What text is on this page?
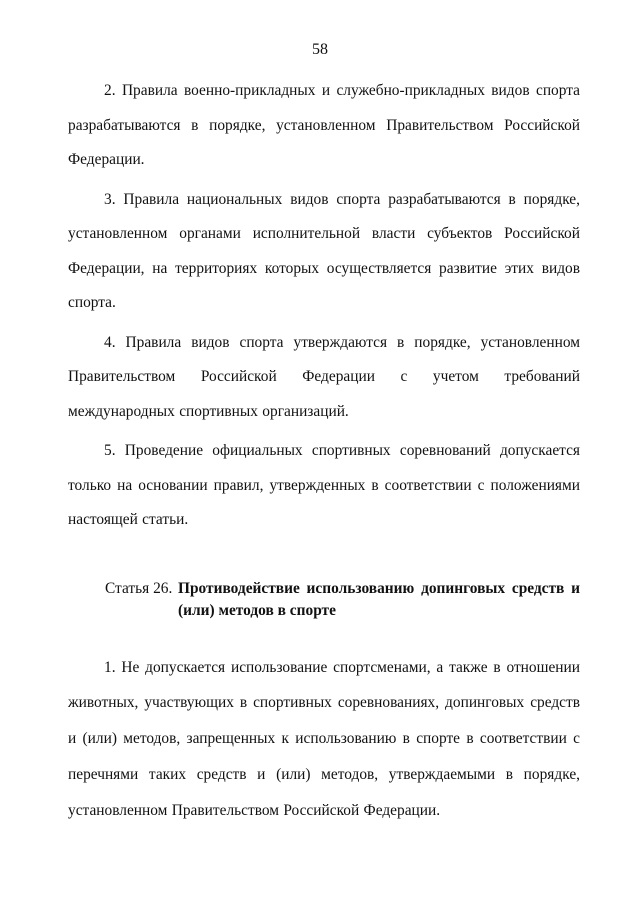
58

2. Правила военно-прикладных и служебно-прикладных видов спорта разрабатываются в порядке, установленном Правительством Российской Федерации.

3. Правила национальных видов спорта разрабатываются в порядке, установленном органами исполнительной власти субъектов Российской Федерации, на территориях которых осуществляется развитие этих видов спорта.

4. Правила видов спорта утверждаются в порядке, установленном Правительством Российской Федерации с учетом требований международных спортивных организаций.

5. Проведение официальных спортивных соревнований допускается только на основании правил, утвержденных в соответствии с положениями настоящей статьи.

Статья 26. Противодействие использованию допинговых средств и (или) методов в спорте

1. Не допускается использование спортсменами, а также в отношении животных, участвующих в спортивных соревнованиях, допинговых средств и (или) методов, запрещенных к использованию в спорте в соответствии с перечнями таких средств и (или) методов, утверждаемыми в порядке, установленном Правительством Российской Федерации.
